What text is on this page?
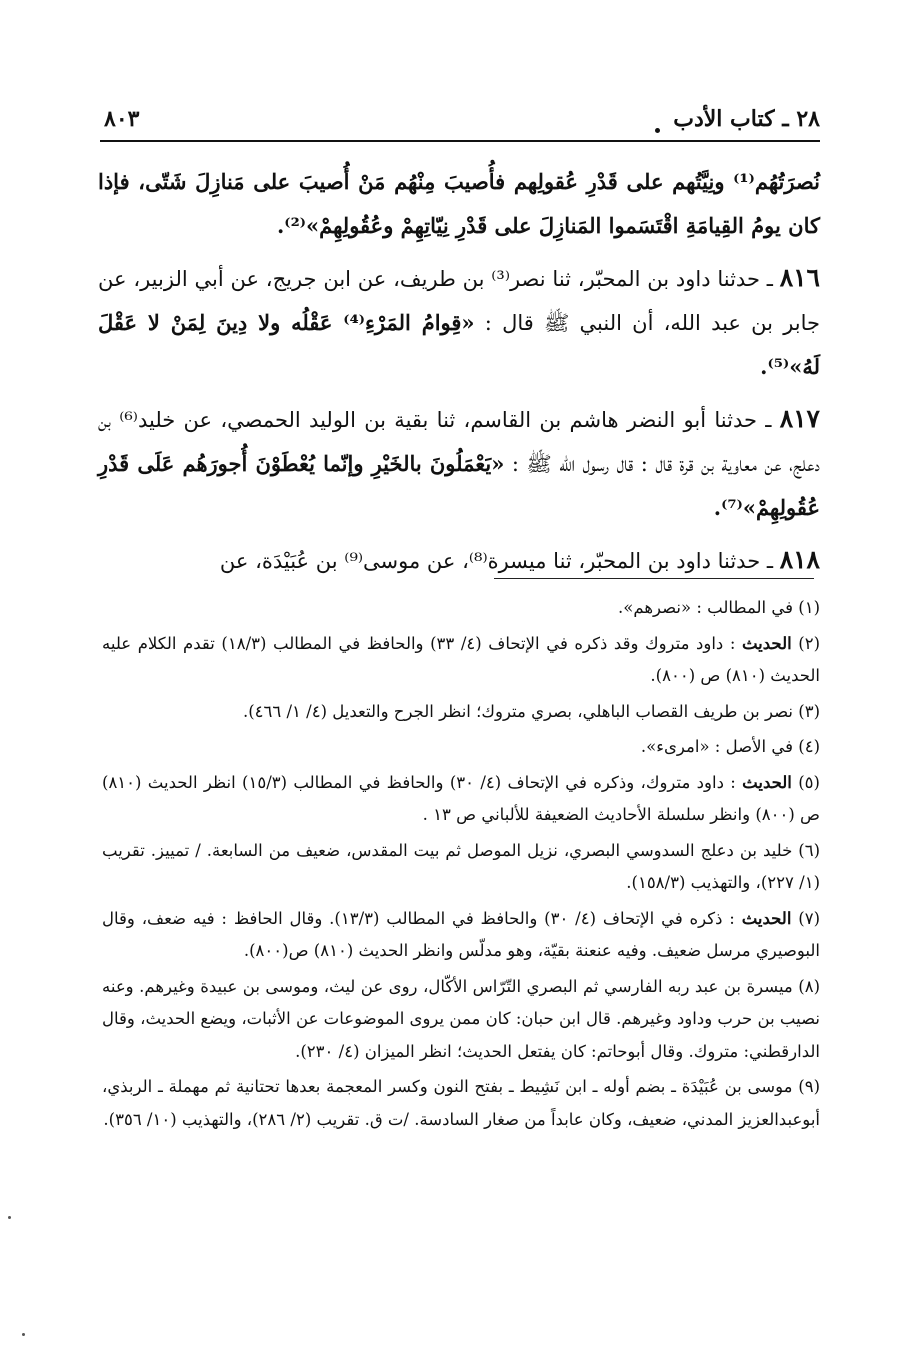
٢٨ ـ كتاب الأدب
٨٠٣

نُصرَتُهُم⁽¹⁾ ونِيَّتُهم على قَدْرِ عُقولِهم فأُصيبَ مِنْهُم مَنْ أُصيبَ على مَنازِلَ شَتّى، فإذا كان يومُ القِيامَةِ اقْتَسَموا المَنازِلَ على قَدْرِ نِيّاتِهِمْ وعُقُولِهِمْ»⁽²⁾.

٨١٦ ـ حدثنا داود بن المحبّر، ثنا نصر⁽³⁾ بن طريف، عن ابن جريج، عن أبي الزبير، عن جابر بن عبد الله، أن النبي ﷺ قال : «قِوامُ المَرْءِ⁽⁴⁾ عَقْلُه ولا دِينَ لِمَنْ لا عَقْلَ لَهُ»⁽⁵⁾.

٨١٧ ـ حدثنا أبو النضر هاشم بن القاسم، ثنا بقية بن الوليد الحمصي، عن خليد⁽⁶⁾ بن دعلج، عن معاوية بن قرة قال : قال رسول الله ﷺ : «يَعْمَلُونَ بالخَيْرِ وإنّما يُعْطَوْنَ أُجورَهُم عَلَى قَدْرِ عُقُولِهِمْ»⁽⁷⁾.

٨١٨ ـ حدثنا داود بن المحبّر، ثنا ميسرة⁽⁸⁾، عن موسى⁽⁹⁾ بن عُبَيْدَة، عن

(١) في المطالب : «نصرهم».

(٢) الحديث : داود متروك وقد ذكره في الإتحاف (٤/ ٣٣) والحافظ في المطالب (١٨/٣) تقدم الكلام عليه الحديث (٨١٠) ص (٨٠٠).

(٣) نصر بن طريف القصاب الباهلي، بصري متروك؛ انظر الجرح والتعديل (٤/ ١/ ٤٦٦).

(٤) في الأصل : «امرىء».

(٥) الحديث : داود متروك، وذكره في الإتحاف (٤/ ٣٠) والحافظ في المطالب (١٥/٣) انظر الحديث (٨١٠) ص (٨٠٠) وانظر سلسلة الأحاديث الضعيفة للألباني ص ١٣ .

(٦) خليد بن دعلج السدوسي البصري، نزيل الموصل ثم بيت المقدس، ضعيف من السابعة. / تمييز. تقريب (١/ ٢٢٧)، والتهذيب (١٥٨/٣).

(٧) الحديث : ذكره في الإتحاف (٤/ ٣٠) والحافظ في المطالب (١٣/٣). وقال الحافظ : فيه ضعف، وقال البوصيري مرسل ضعيف. وفيه عنعنة بقيّة، وهو مدلّس وانظر الحديث (٨١٠) ص(٨٠٠).

(٨) ميسرة بن عبد ربه الفارسي ثم البصري التّرّاس الأكّال، روى عن ليث، وموسى بن عبيدة وغيرهم. وعنه نصيب بن حرب وداود وغيرهم. قال ابن حبان: كان ممن يروى الموضوعات عن الأثبات، ويضع الحديث، وقال الدارقطني: متروك. وقال أبوحاتم: كان يفتعل الحديث؛ انظر الميزان (٤/ ٢٣٠).

(٩) موسى بن عُبَيْدَة ـ بضم أوله ـ ابن نَشِيط ـ بفتح النون وكسر المعجمة بعدها تحتانية ثم مهملة ـ الربذي، أبوعبدالعزيز المدني، ضعيف، وكان عابداً من صغار السادسة. /ت ق. تقريب (٢/ ٢٨٦)، والتهذيب (١٠/ ٣٥٦).
